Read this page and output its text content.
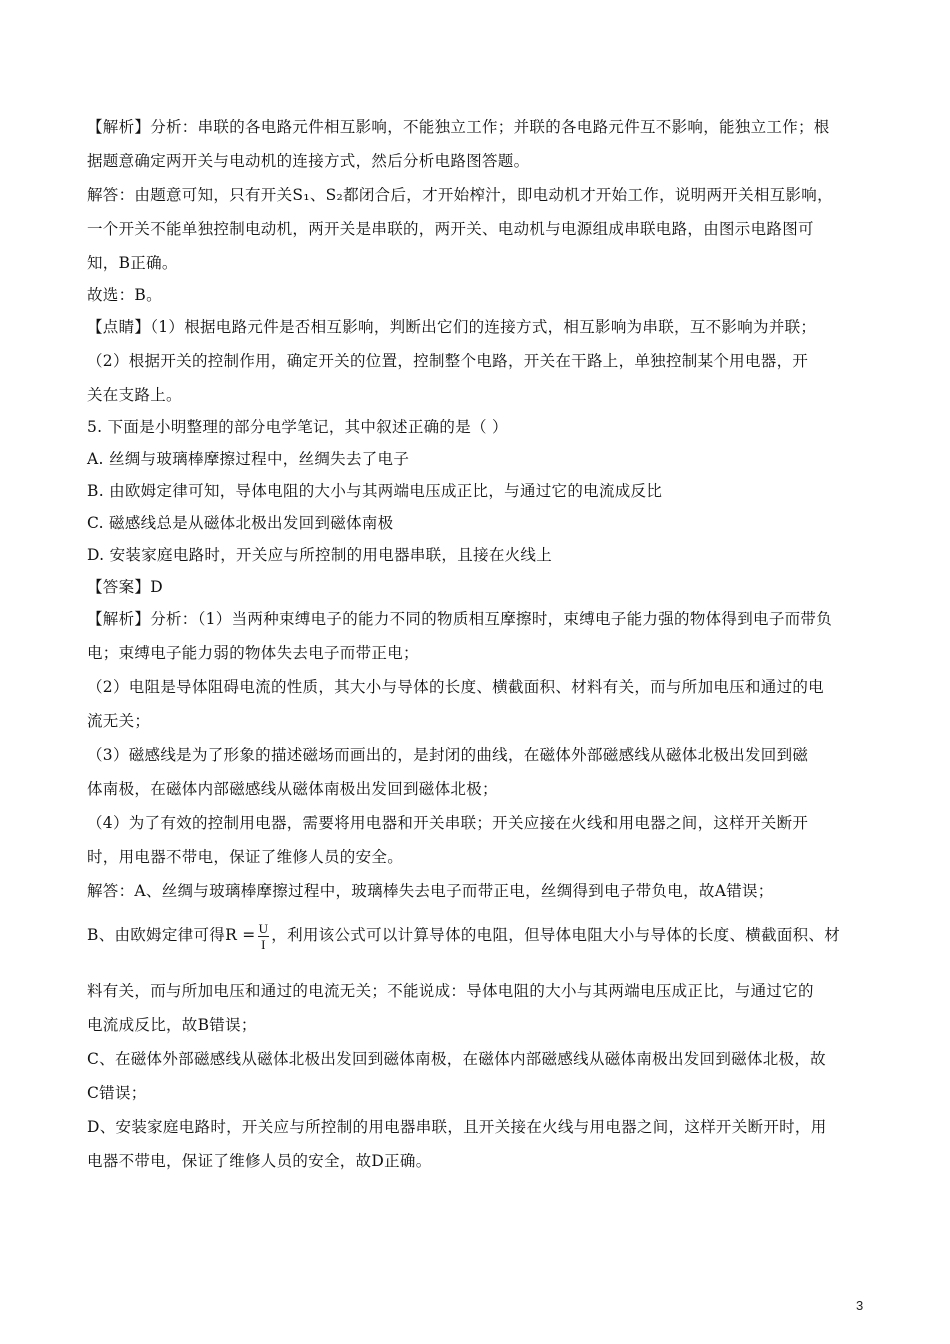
【解析】分析：串联的各电路元件相互影响，不能独立工作；并联的各电路元件互不影响，能独立工作；根
据题意确定两开关与电动机的连接方式，然后分析电路图答题。
解答：由题意可知，只有开关S₁、S₂都闭合后，才开始榨汁，即电动机才开始工作，说明两开关相互影响，
一个开关不能单独控制电动机，两开关是串联的，两开关、电动机与电源组成串联电路，由图示电路图可
知，B正确。
故选：B。
【点睛】（1）根据电路元件是否相互影响，判断出它们的连接方式，相互影响为串联，互不影响为并联；
（2）根据开关的控制作用，确定开关的位置，控制整个电路，开关在干路上，单独控制某个用电器，开
关在支路上。
5. 下面是小明整理的部分电学笔记，其中叙述正确的是（ ）
A. 丝绸与玻璃棒摩擦过程中，丝绸失去了电子
B. 由欧姆定律可知，导体电阻的大小与其两端电压成正比，与通过它的电流成反比
C. 磁感线总是从磁体北极出发回到磁体南极
D. 安装家庭电路时，开关应与所控制的用电器串联，且接在火线上
【答案】D
【解析】分析：（1）当两种束缚电子的能力不同的物质相互摩擦时，束缚电子能力强的物体得到电子而带负
电；束缚电子能力弱的物体失去电子而带正电；
（2）电阻是导体阻碍电流的性质，其大小与导体的长度、横截面积、材料有关，而与所加电压和通过的电
流无关；
（3）磁感线是为了形象的描述磁场而画出的，是封闭的曲线，在磁体外部磁感线从磁体北极出发回到磁
体南极，在磁体内部磁感线从磁体南极出发回到磁体北极；
（4）为了有效的控制用电器，需要将用电器和开关串联；开关应接在火线和用电器之间，这样开关断开
时，用电器不带电，保证了维修人员的安全。
解答：A、丝绸与玻璃棒摩擦过程中，玻璃棒失去电子而带正电，丝绸得到电子带负电，故A错误；
B、由欧姆定律可得$R = \frac{U}{I}$ ，利用该公式可以计算导体的电阻，但导体电阻大小与导体的长度、横截面积、材
料有关，而与所加电压和通过的电流无关；不能说成：导体电阻的大小与其两端电压成正比，与通过它的
电流成反比，故B错误；
C、在磁体外部磁感线从磁体北极出发回到磁体南极，在磁体内部磁感线从磁体南极出发回到磁体北极，故
C错误；
D、安装家庭电路时，开关应与所控制的用电器串联，且开关接在火线与用电器之间，这样开关断开时，用
电器不带电，保证了维修人员的安全，故D正确。
3
